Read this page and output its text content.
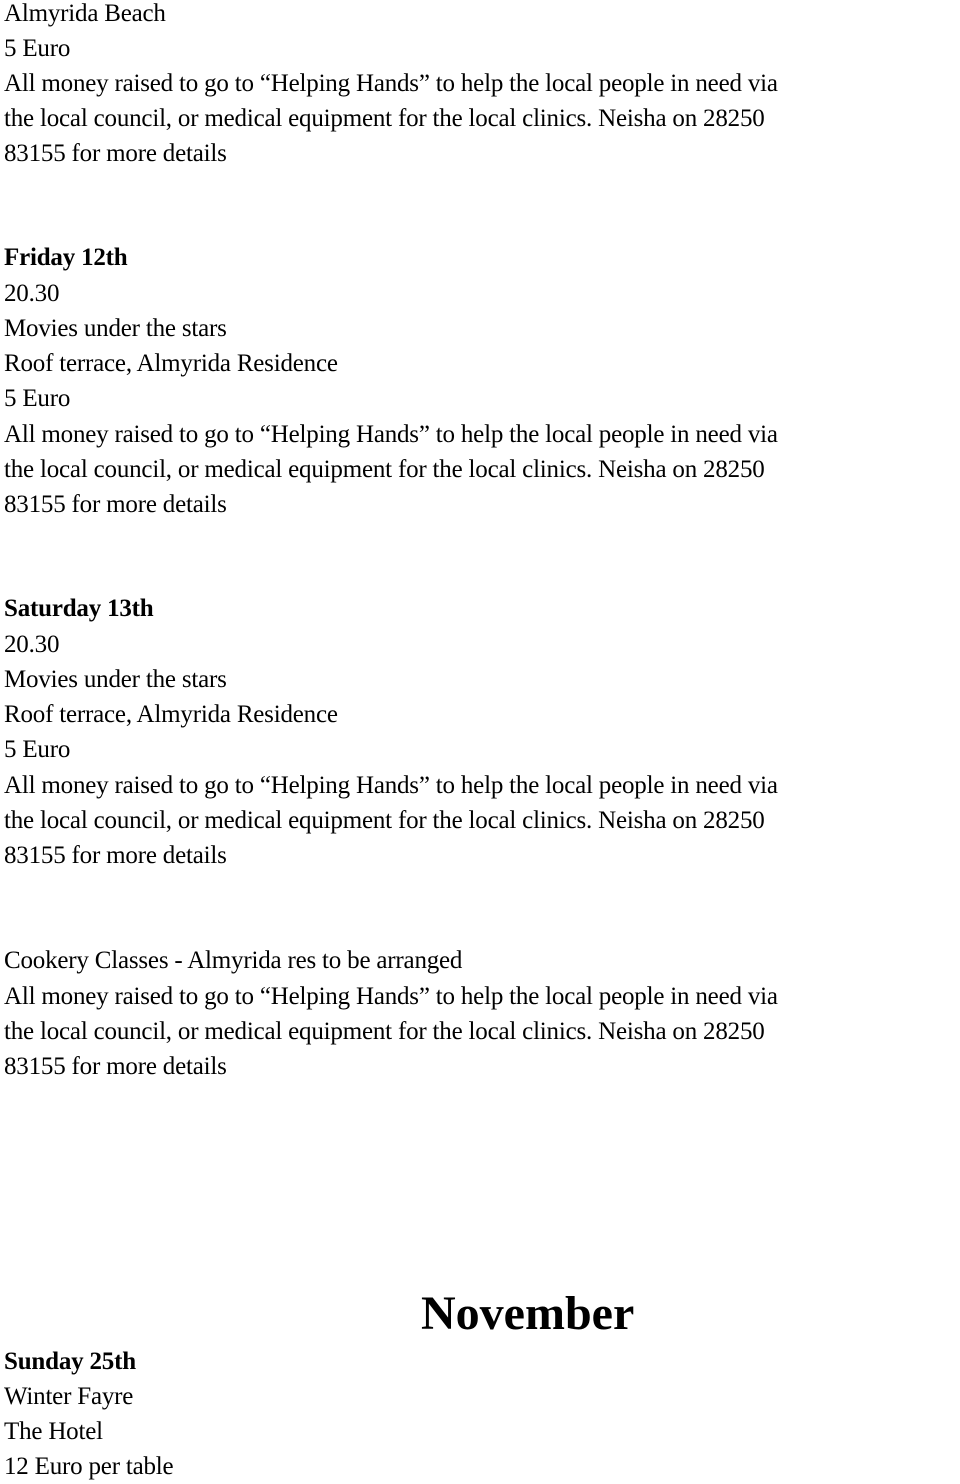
Almyrida Beach

5 Euro

All money raised to go to “Helping Hands” to help the local people in need via

the local council, or medical equipment for the local clinics. Neisha on 28250

83155 for more details

Friday 12th

20.30

Movies under the stars

Roof terrace, Almyrida Residence

5 Euro

All money raised to go to “Helping Hands” to help the local people in need via

the local council, or medical equipment for the local clinics. Neisha on 28250

83155 for more details

Saturday 13th

20.30

Movies under the stars

Roof terrace, Almyrida Residence

5 Euro

All money raised to go to “Helping Hands” to help the local people in need via

the local council, or medical equipment for the local clinics. Neisha on 28250

83155 for more details

Cookery Classes - Almyrida res to be arranged

All money raised to go to “Helping Hands” to help the local people in need via

the local council, or medical equipment for the local clinics. Neisha on 28250

83155 for more details

November

Sunday 25th

Winter Fayre

The Hotel

12 Euro per table
